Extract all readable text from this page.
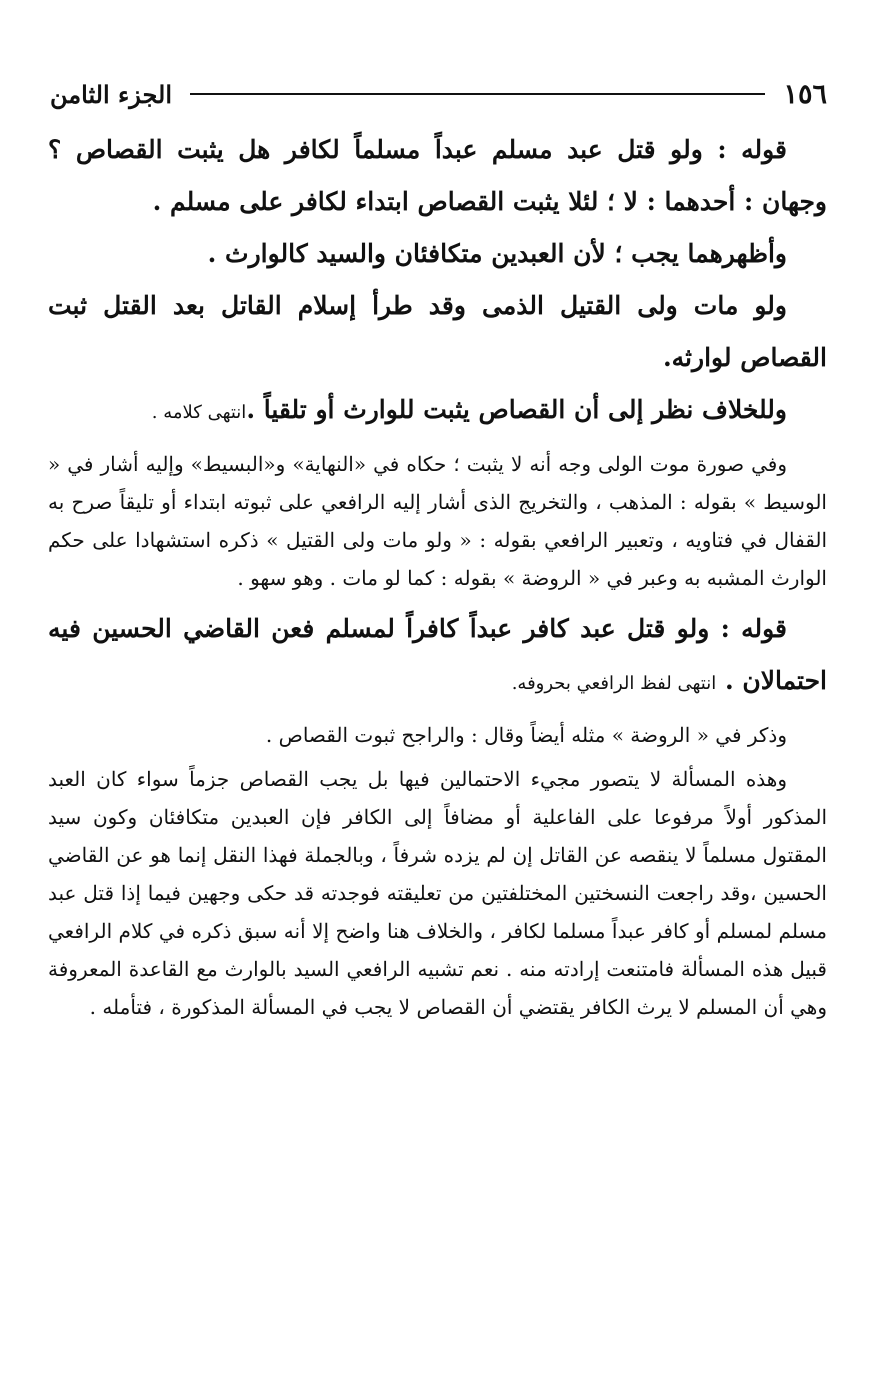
١٥٦
الجزء الثامن

قوله : ولو قتل عبد مسلم عبداً مسلماً لكافر هل يثبت القصاص ؟ وجهان : أحدهما : لا ؛ لئلا يثبت القصاص ابتداء لكافر على مسلم .

وأظهرهما يجب ؛ لأن العبدين متكافئان والسيد كالوارث .

ولو مات ولى القتيل الذمى وقد طرأ إسلام القاتل بعد القتل ثبت القصاص لوارثه.

وللخلاف نظر إلى أن القصاص يثبت للوارث أو تلقياً .انتهى كلامه .

وفي صورة موت الولى وجه أنه لا يثبت ؛ حكاه في «النهاية» و«البسيط» وإليه أشار في « الوسيط » بقوله : المذهب ، والتخريج الذى أشار إليه الرافعي على ثبوته ابتداء أو تليقاً صرح به القفال في فتاويه ، وتعبير الرافعي بقوله : « ولو مات ولى القتيل » ذكره استشهادا على حكم الوارث المشبه به وعبر في « الروضة » بقوله : كما لو مات . وهو سهو .

قوله : ولو قتل عبد كافر عبداً كافراً لمسلم فعن القاضي الحسين فيه احتمالان . انتهى لفظ الرافعي بحروفه.

وذكر في « الروضة » مثله أيضاً وقال : والراجح ثبوت القصاص .

وهذه المسألة لا يتصور مجيء الاحتمالين فيها بل يجب القصاص جزماً سواء كان العبد المذكور أولاً مرفوعا على الفاعلية أو مضافاً إلى الكافر فإن العبدين متكافئان وكون سيد المقتول مسلماً لا ينقصه عن القاتل إن لم يزده شرفاً ، وبالجملة فهذا النقل إنما هو عن القاضي الحسين ،وقد راجعت النسختين المختلفتين من تعليقته فوجدته قد حكى وجهين فيما إذا قتل عبد مسلم لمسلم أو كافر عبداً مسلما لكافر ، والخلاف هنا واضح إلا أنه سبق ذكره في كلام الرافعي قبيل هذه المسألة فامتنعت إرادته منه . نعم تشبيه الرافعي السيد بالوارث مع القاعدة المعروفة وهي أن المسلم لا يرث الكافر يقتضي أن القصاص لا يجب في المسألة المذكورة ، فتأمله .
